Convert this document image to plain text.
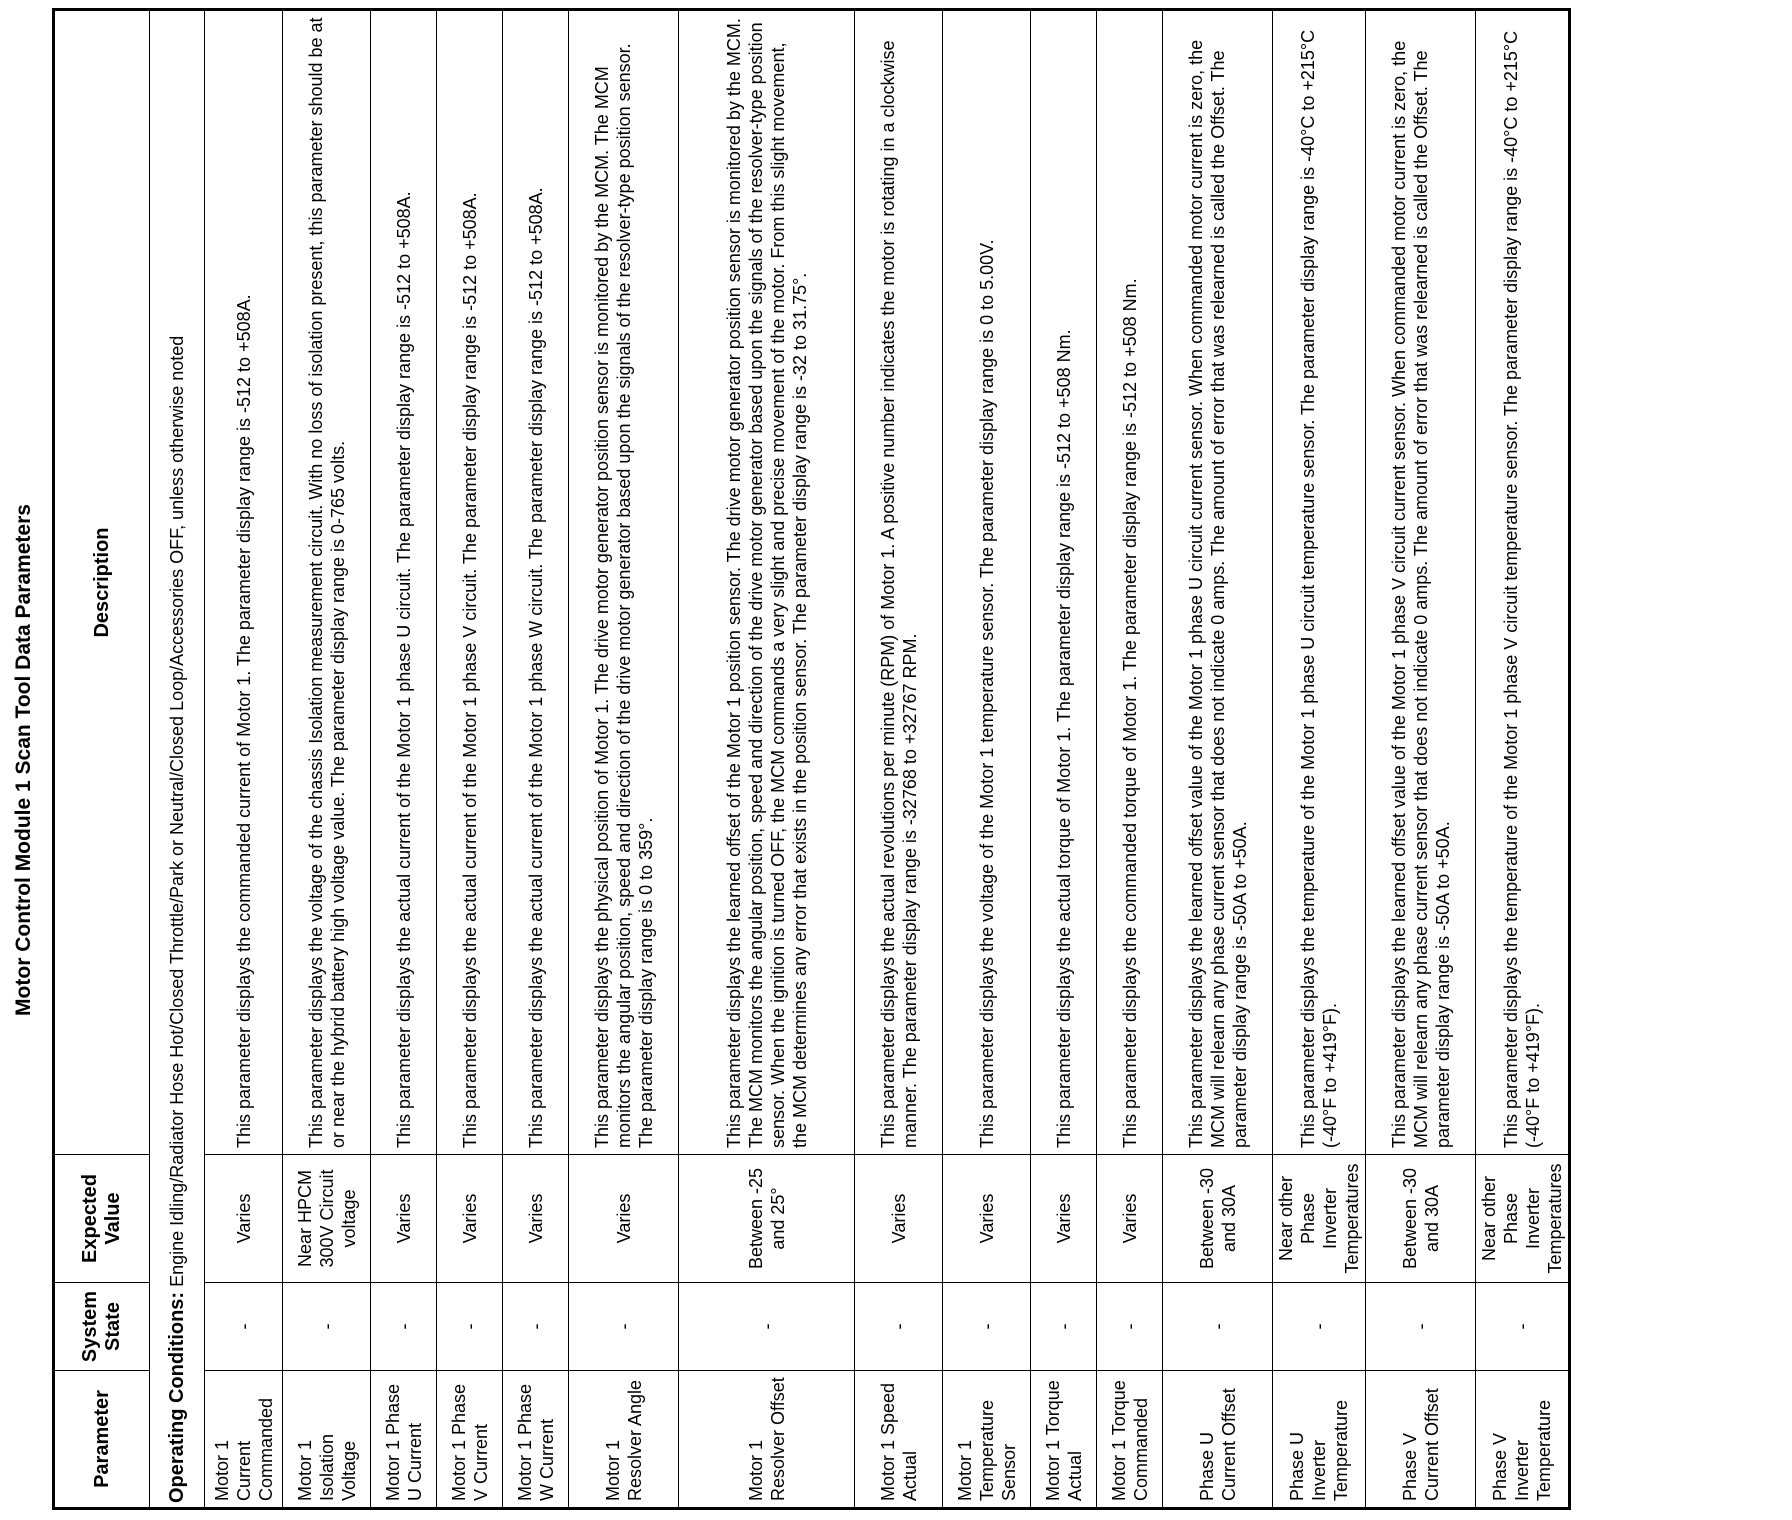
Motor Control Module 1 Scan Tool Data Parameters
Parameter	System State	Expected Value	Description
Operating Conditions: Engine Idling/Radiator Hose Hot/Closed Throttle/Park or Neutral/Closed Loop/Accessories OFF, unless otherwise noted			
Motor 1 Current Commanded	-	Varies	This parameter displays the commanded current of Motor 1. The parameter display range is -512 to +508A.
Motor 1 Isolation Voltage	-	Near HPCM 300V Circuit voltage	This parameter displays the voltage of the chassis Isolation measurement circuit. With no loss of isolation present, this parameter should be at or near the hybrid battery high voltage value. The parameter display range is 0-765 volts.
Motor 1 Phase U Current	-	Varies	This parameter displays the actual current of the Motor 1 phase U circuit. The parameter display range is -512 to +508A.
Motor 1 Phase V Current	-	Varies	This parameter displays the actual current of the Motor 1 phase V circuit. The parameter display range is -512 to +508A.
Motor 1 Phase W Current	-	Varies	This parameter displays the actual current of the Motor 1 phase W circuit. The parameter display range is -512 to +508A.
Motor 1 Resolver Angle	-	Varies	This parameter displays the physical position of Motor 1. The drive motor generator position sensor is monitored by the MCM. The MCM monitors the angular position, speed and direction of the drive motor generator based upon the signals of the resolver-type position sensor. The parameter display range is 0 to 359°.
Motor 1 Resolver Offset	-	Between -25 and 25°	This parameter displays the learned offset of the Motor 1 position sensor. The drive motor generator position sensor is monitored by the MCM. The MCM monitors the angular position, speed and direction of the drive motor generator based upon the signals of the resolver-type position sensor. When the ignition is turned OFF, the MCM commands a very slight and precise movement of the motor. From this slight movement, the MCM determines any error that exists in the position sensor. The parameter display range is -32 to 31.75°.
Motor 1 Speed Actual	-	Varies	This parameter displays the actual revolutions per minute (RPM) of Motor 1. A positive number indicates the motor is rotating in a clockwise manner. The parameter display range is -32768 to +32767 RPM.
Motor 1 Temperature Sensor	-	Varies	This parameter displays the voltage of the Motor 1 temperature sensor. The parameter display range is 0 to 5.00V.
Motor 1 Torque Actual	-	Varies	This parameter displays the actual torque of Motor 1. The parameter display range is -512 to +508 Nm.
Motor 1 Torque Commanded	-	Varies	This parameter displays the commanded torque of Motor 1. The parameter display range is -512 to +508 Nm.
Phase U Current Offset	-	Between -30 and 30A	This parameter displays the learned offset value of the Motor 1 phase U circuit current sensor. When commanded motor current is zero, the MCM will relearn any phase current sensor that does not indicate 0 amps. The amount of error that was relearned is called the Offset. The parameter display range is -50A to +50A.
Phase U Inverter Temperature	-	Near other Phase Inverter Temperatures	This parameter displays the temperature of the Motor 1 phase U circuit temperature sensor. The parameter display range is -40°C to +215°C (-40°F to +419°F).
Phase V Current Offset	-	Between -30 and 30A	This parameter displays the learned offset value of the Motor 1 phase V circuit current sensor. When commanded motor current is zero, the MCM will relearn any phase current sensor that does not indicate 0 amps. The amount of error that was relearned is called the Offset. The parameter display range is -50A to +50A.
Phase V Inverter Temperature	-	Near other Phase Inverter Temperatures	This parameter displays the temperature of the Motor 1 phase V circuit temperature sensor. The parameter display range is -40°C to +215°C (-40°F to +419°F).
